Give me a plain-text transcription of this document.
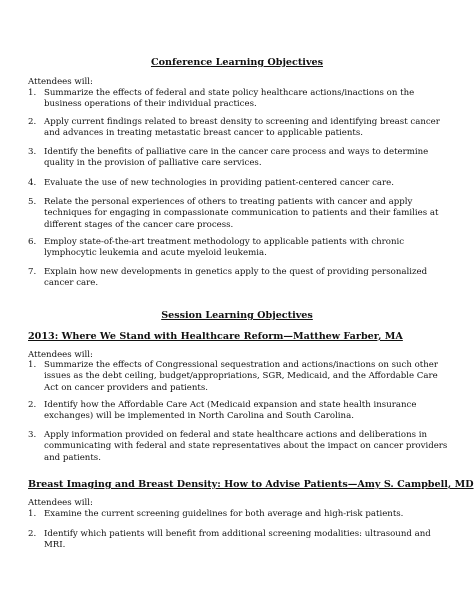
Conference Learning Objectives
Attendees will:
1. Summarize the effects of federal and state policy healthcare actions/inactions on the business operations of their individual practices.
2. Apply current findings related to breast density to screening and identifying breast cancer and advances in treating metastatic breast cancer to applicable patients.
3. Identify the benefits of palliative care in the cancer care process and ways to determine quality in the provision of palliative care services.
4. Evaluate the use of new technologies in providing patient-centered cancer care.
5. Relate the personal experiences of others to treating patients with cancer and apply techniques for engaging in compassionate communication to patients and their families at different stages of the cancer care process.
6. Employ state-of-the-art treatment methodology to applicable patients with chronic lymphocytic leukemia and acute myeloid leukemia.
7. Explain how new developments in genetics apply to the quest of providing personalized cancer care.
Session Learning Objectives
2013: Where We Stand with Healthcare Reform—Matthew Farber, MA
Attendees will:
1. Summarize the effects of Congressional sequestration and actions/inactions on such other issues as the debt ceiling, budget/appropriations, SGR, Medicaid, and the Affordable Care Act on cancer providers and patients.
2. Identify how the Affordable Care Act (Medicaid expansion and state health insurance exchanges) will be implemented in North Carolina and South Carolina.
3. Apply information provided on federal and state healthcare actions and deliberations in communicating with federal and state representatives about the impact on cancer providers and patients.
Breast Imaging and Breast Density: How to Advise Patients—Amy S. Campbell, MD
Attendees will:
1. Examine the current screening guidelines for both average and high-risk patients.
2. Identify which patients will benefit from additional screening modalities: ultrasound and MRI.
